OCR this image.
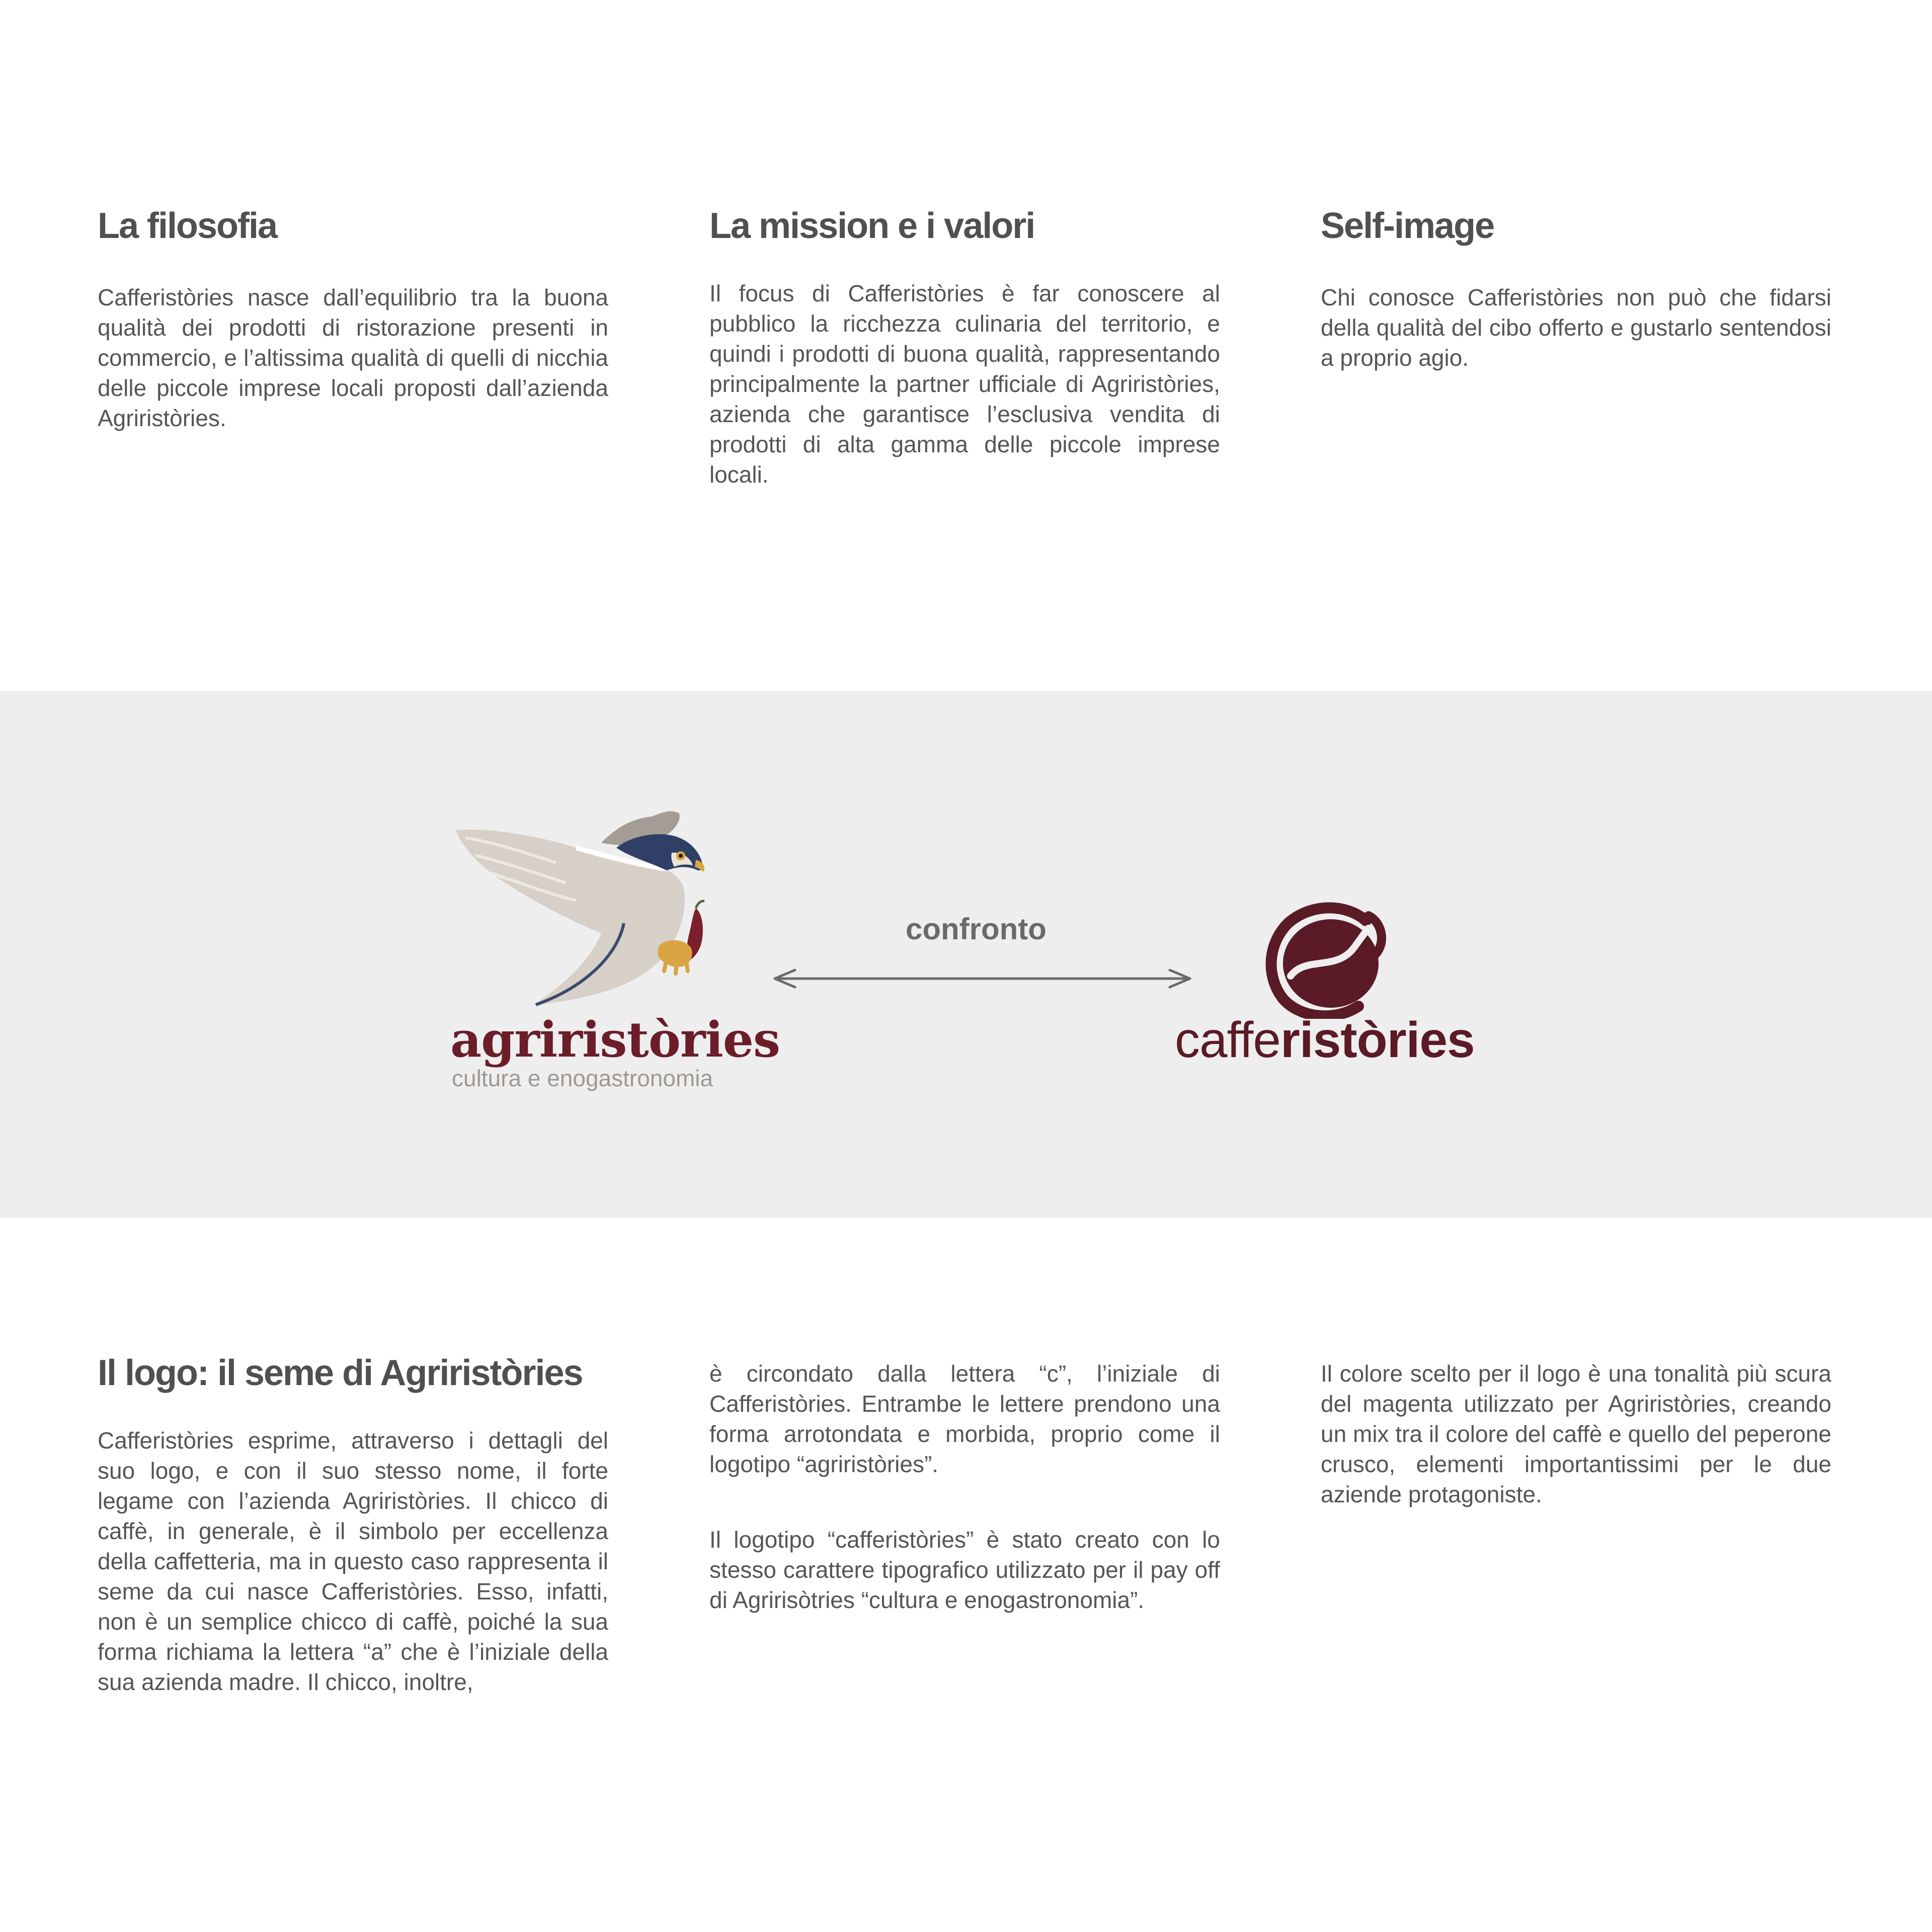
La filosofia

Cafferistòries nasce dall’equilibrio tra la buona qualità dei prodotti di ristorazione presenti in commercio, e l’altissima qualità di quelli di nicchia delle piccole imprese locali proposti dall’azienda Agriristòries.

La mission e i valori

Il focus di Cafferistòries è far conoscere al pubblico la ricchezza culinaria del territorio, e quindi i prodotti di buona qualità, rappresentando principalmente la partner ufficiale di Agriristòries, azienda che garantisce l’esclusiva vendita di prodotti di alta gamma delle piccole imprese locali.

Self-image

Chi conosce Cafferistòries non può che fidarsi della qualità del cibo offerto e gustarlo sentendosi a proprio agio.

agriristòries
cultura e enogastronomia
confronto
cafferistòries
Il logo: il seme di Agriristòries

Cafferistòries esprime, attraverso i dettagli del suo logo, e con il suo stesso nome, il forte legame con l’azienda Agriristòries. Il chicco di caffè, in generale, è il simbolo per eccellenza della caffetteria, ma in questo caso rappresenta il seme da cui nasce Cafferistòries. Esso, infatti, non è un semplice chicco di caffè, poiché la sua forma richiama la lettera “a” che è l’iniziale della sua azienda madre. Il chicco, inoltre,

è circondato dalla lettera “c”, l’iniziale di Cafferistòries. Entrambe le lettere prendono una forma arrotondata e morbida, proprio come il logotipo “agriristòries”.

Il logotipo “cafferistòries” è stato creato con lo stesso carattere tipografico utilizzato per il pay off di Agririsòtries “cultura e enogastronomia”.

Il colore scelto per il logo è una tonalità più scura del magenta utilizzato per Agriristòries, creando un mix tra il colore del caffè e quello del peperone crusco, elementi importantissimi per le due aziende protagoniste.
